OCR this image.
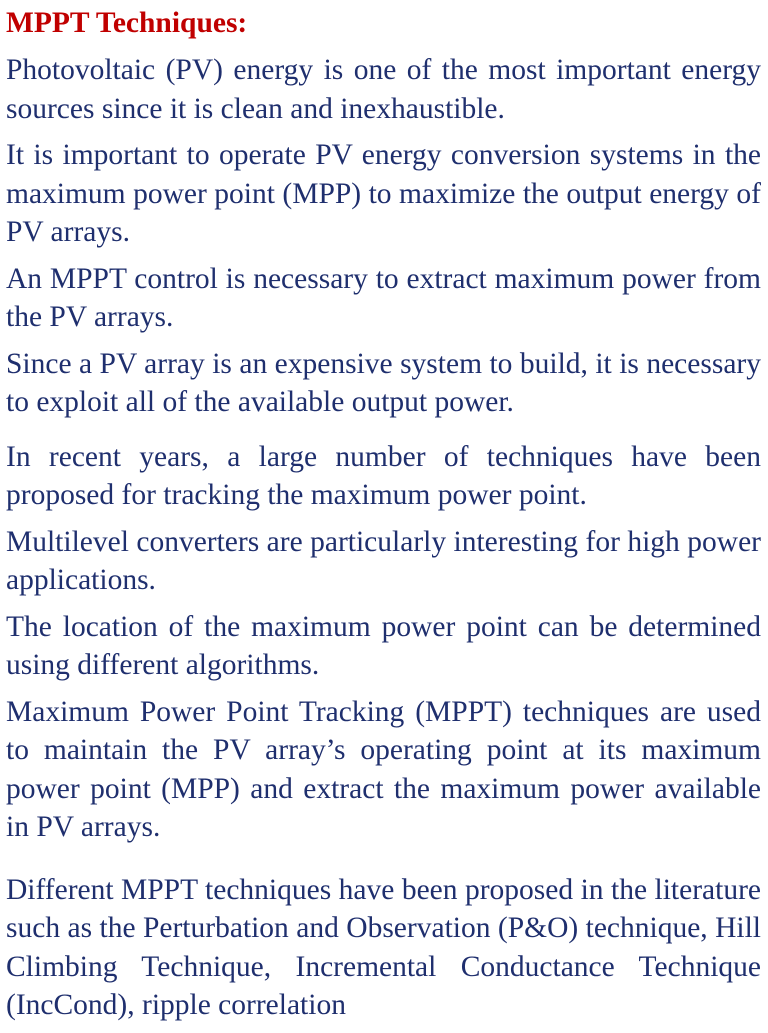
MPPT Techniques:

Photovoltaic (PV) energy is one of the most important energy sources since it is clean and inexhaustible.

It is important to operate PV energy conversion systems in the maximum power point (MPP) to maximize the output energy of PV arrays.

An MPPT control is necessary to extract maximum power from the PV arrays.

Since a PV array is an expensive system to build, it is necessary to exploit all of the available output power.

In recent years, a large number of techniques have been proposed for tracking the maximum power point.

Multilevel converters are particularly interesting for high power applications.

The location of the maximum power point can be determined using different algorithms.

Maximum Power Point Tracking (MPPT) techniques are used to maintain the PV array’s operating point at its maximum power point (MPP) and extract the maximum power available in PV arrays.

Different MPPT techniques have been proposed in the literature such as the Perturbation and Observation (P&O) technique, Hill Climbing Technique, Incremental Conductance Technique (IncCond), ripple correlation
